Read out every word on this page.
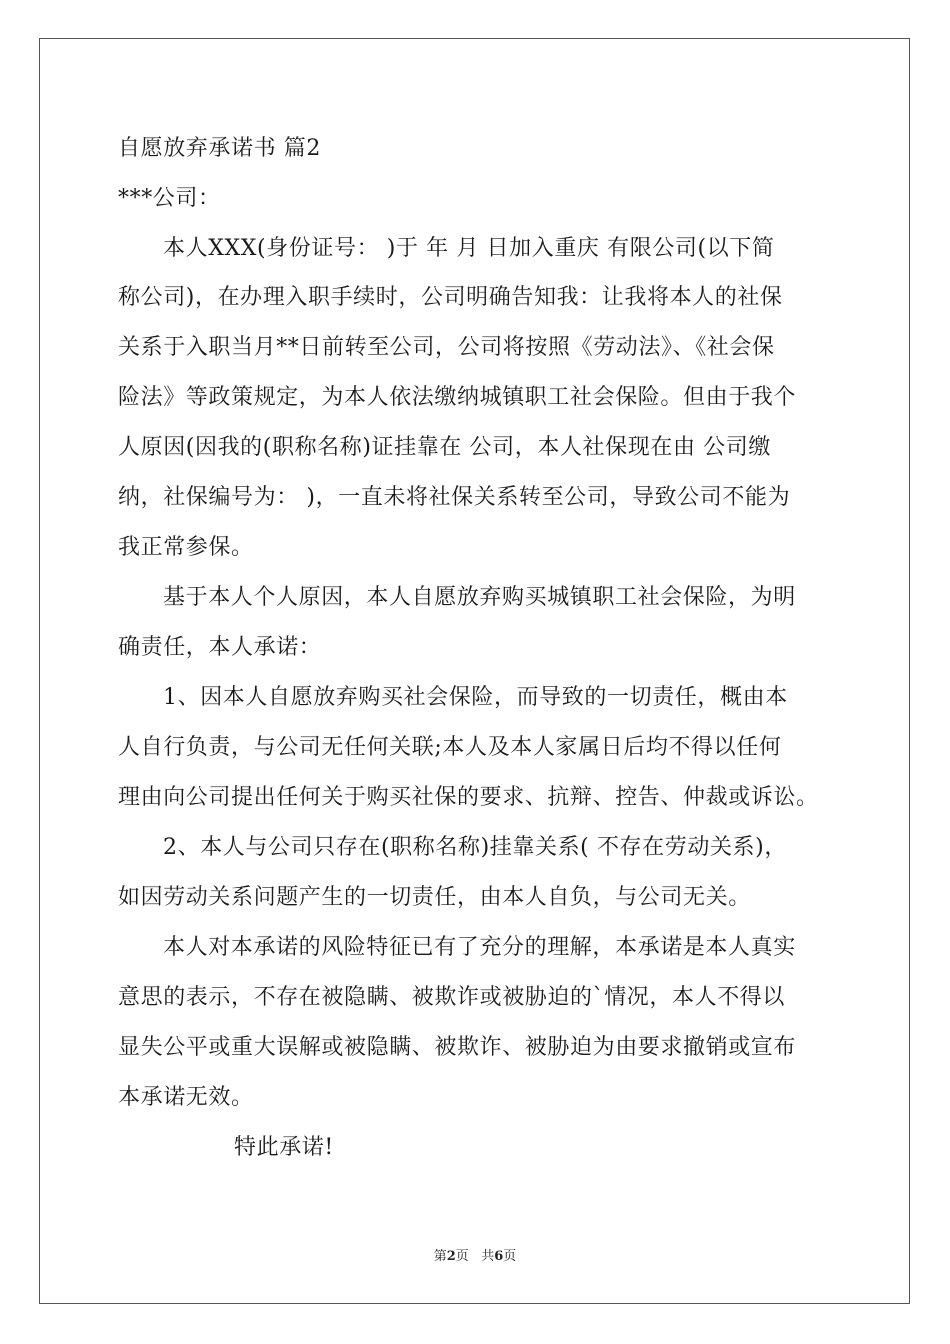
自愿放弃承诺书 篇2
***公司：
本人XXX(身份证号： )于 年 月 日加入重庆 有限公司(以下简
称公司)，在办理入职手续时，公司明确告知我：让我将本人的社保
关系于入职当月**日前转至公司，公司将按照《劳动法》、《社会保
险法》等政策规定，为本人依法缴纳城镇职工社会保险。但由于我个
人原因(因我的(职称名称)证挂靠在 公司，本人社保现在由 公司缴
纳，社保编号为： )，一直未将社保关系转至公司，导致公司不能为
我正常参保。
基于本人个人原因，本人自愿放弃购买城镇职工社会保险，为明
确责任，本人承诺：
1、因本人自愿放弃购买社会保险，而导致的一切责任，概由本
人自行负责，与公司无任何关联;本人及本人家属日后均不得以任何
理由向公司提出任何关于购买社保的要求、抗辩、控告、仲裁或诉讼。
2、本人与公司只存在(职称名称)挂靠关系( 不存在劳动关系)，
如因劳动关系问题产生的一切责任，由本人自负，与公司无关。
本人对本承诺的风险特征已有了充分的理解，本承诺是本人真实
意思的表示，不存在被隐瞒、被欺诈或被胁迫的`情况，本人不得以
显失公平或重大误解或被隐瞒、被欺诈、被胁迫为由要求撤销或宣布
本承诺无效。
特此承诺!
第2页 共6页
